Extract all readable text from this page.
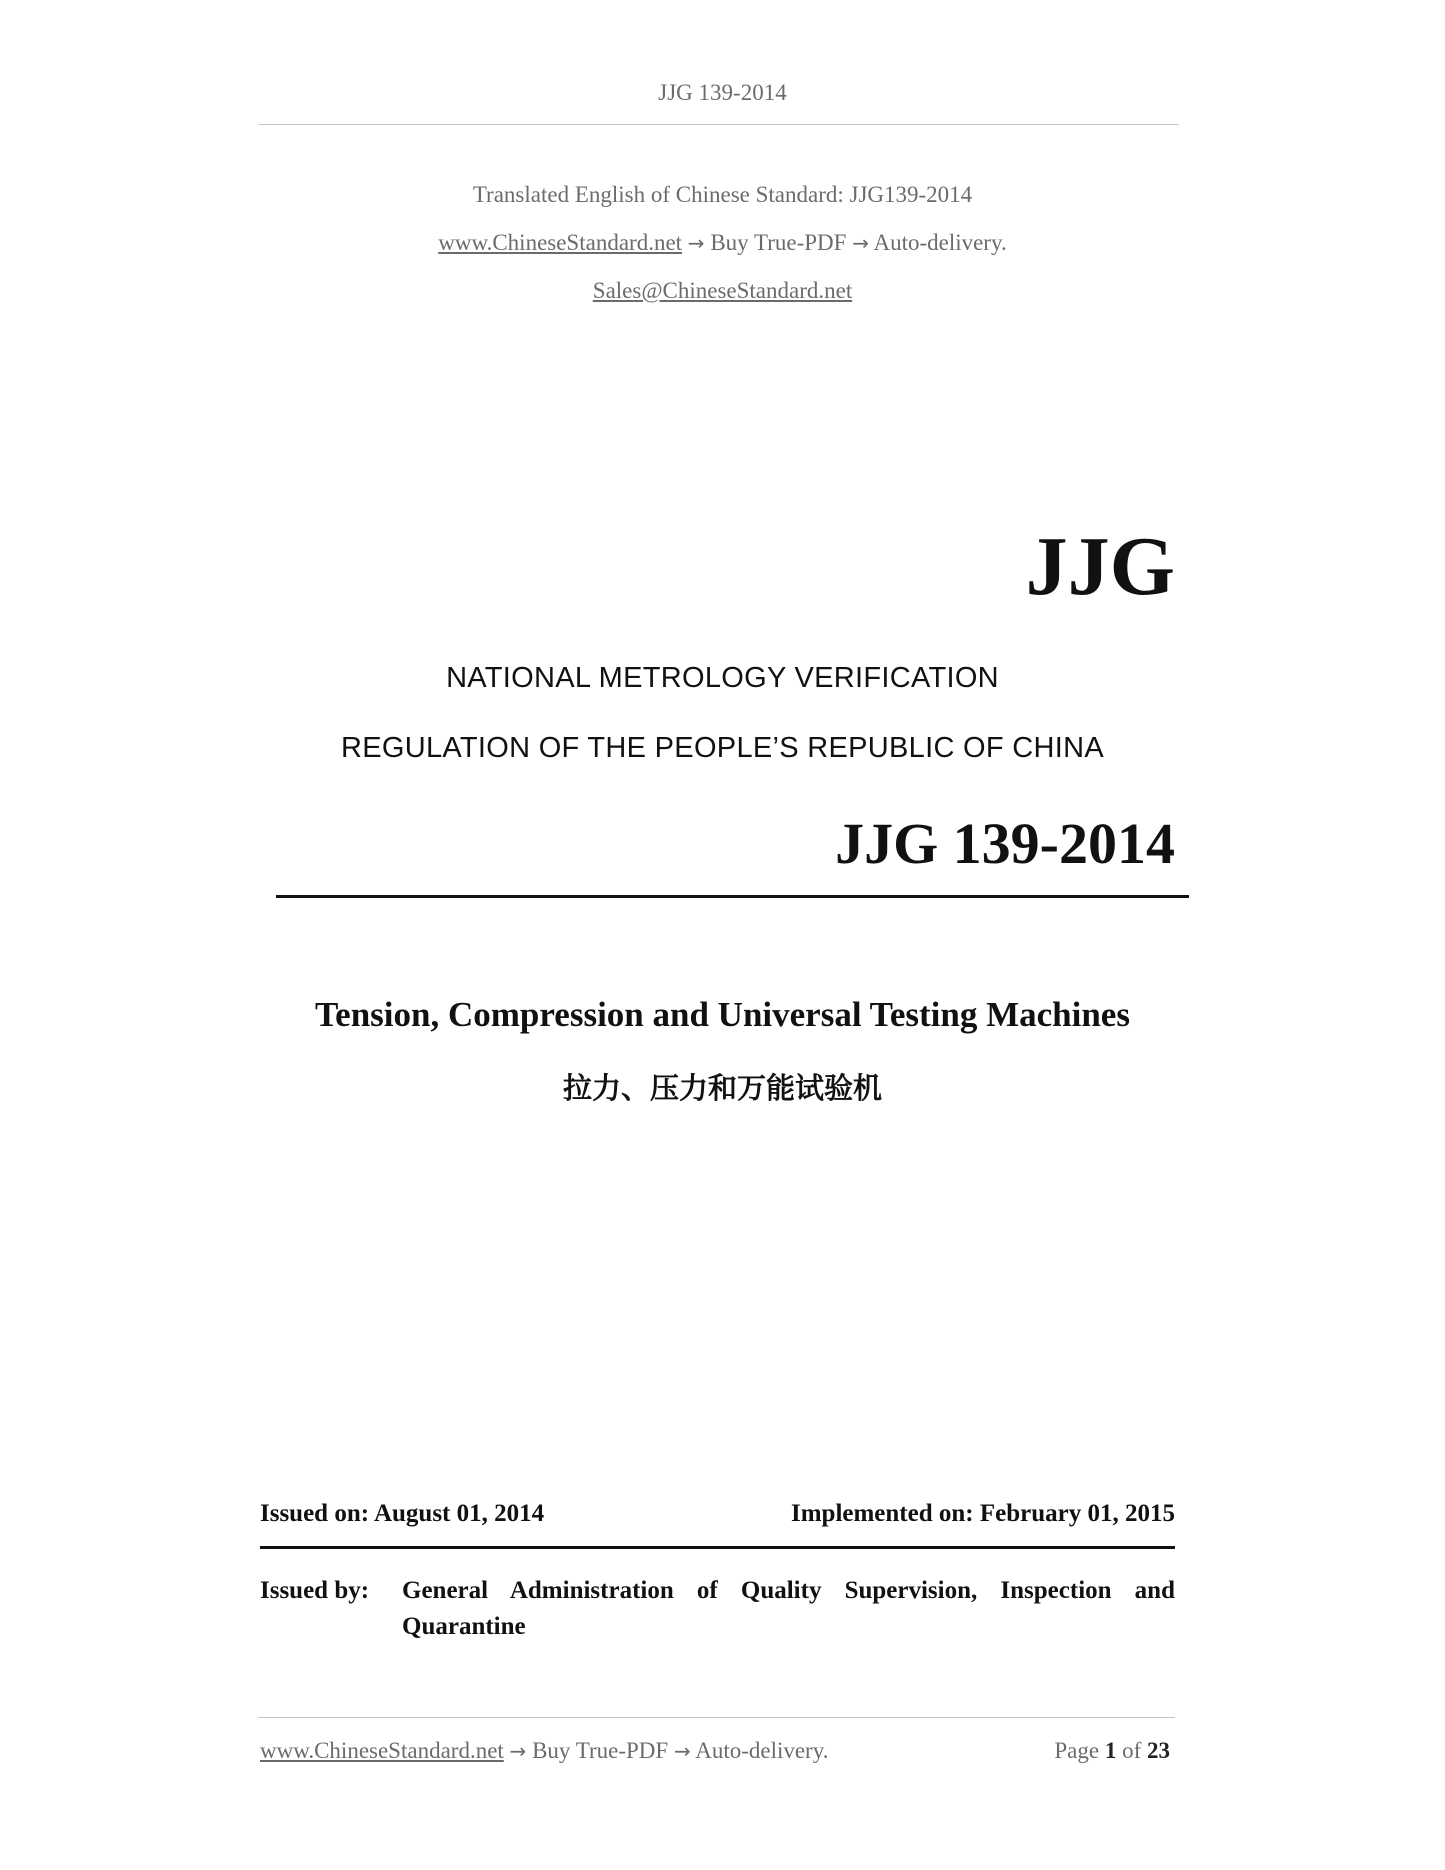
JJG 139-2014
Translated English of Chinese Standard: JJG139-2014
www.ChineseStandard.net → Buy True-PDF → Auto-delivery.
Sales@ChineseStandard.net
JJG
NATIONAL METROLOGY VERIFICATION
REGULATION OF THE PEOPLE’S REPUBLIC OF CHINA
JJG 139-2014
Tension, Compression and Universal Testing Machines
拉力、压力和万能试验机
Issued on: August 01, 2014	Implemented on: February 01, 2015
Issued by: General Administration of Quality Supervision, Inspection and
Quarantine
www.ChineseStandard.net → Buy True-PDF → Auto-delivery.	Page 1 of 23
